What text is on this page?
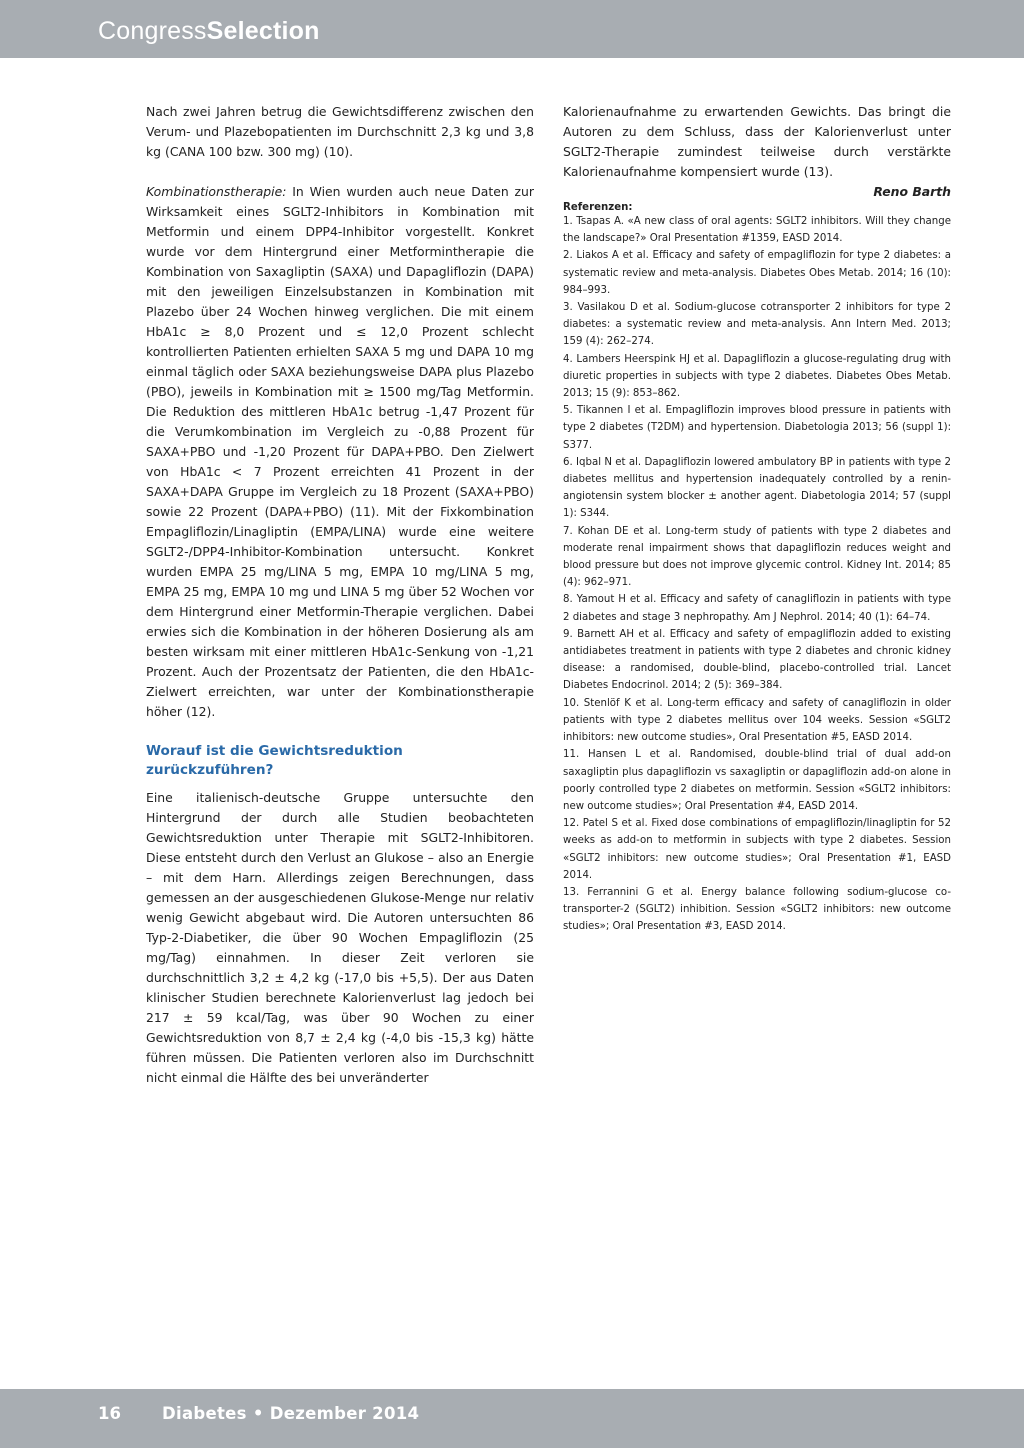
CongressSelection

Nach zwei Jahren betrug die Gewichtsdifferenz zwischen den Verum- und Plazebopatienten im Durchschnitt 2,3 kg und 3,8 kg (CANA 100 bzw. 300 mg) (10).

Kombinationstherapie: In Wien wurden auch neue Daten zur Wirksamkeit eines SGLT2-Inhibitors in Kombination mit Metformin und einem DPP4-Inhibitor vorgestellt. Konkret wurde vor dem Hintergrund einer Metformintherapie die Kombination von Saxagliptin (SAXA) und Dapagliflozin (DAPA) mit den jeweiligen Einzelsubstanzen in Kombination mit Plazebo über 24 Wochen hinweg verglichen. Die mit einem HbA1c ≥ 8,0 Prozent und ≤ 12,0 Prozent schlecht kontrollierten Patienten erhielten SAXA 5 mg und DAPA 10 mg einmal täglich oder SAXA beziehungsweise DAPA plus Plazebo (PBO), jeweils in Kombination mit ≥ 1500 mg/Tag Metformin. Die Reduktion des mittleren HbA1c betrug -1,47 Prozent für die Verumkombination im Vergleich zu -0,88 Prozent für SAXA+PBO und -1,20 Prozent für DAPA+PBO. Den Zielwert von HbA1c < 7 Prozent erreichten 41 Prozent in der SAXA+DAPA Gruppe im Vergleich zu 18 Prozent (SAXA+PBO) sowie 22 Prozent (DAPA+PBO) (11). Mit der Fixkombination Empagliflozin/Linagliptin (EMPA/LINA) wurde eine weitere SGLT2-/DPP4-Inhibitor-Kombination untersucht. Konkret wurden EMPA 25 mg/LINA 5 mg, EMPA 10 mg/LINA 5 mg, EMPA 25 mg, EMPA 10 mg und LINA 5 mg über 52 Wochen vor dem Hintergrund einer Metformin-Therapie verglichen. Dabei erwies sich die Kombination in der höheren Dosierung als am besten wirksam mit einer mittleren HbA1c-Senkung von -1,21 Prozent. Auch der Prozentsatz der Patienten, die den HbA1c-Zielwert erreichten, war unter der Kombinationstherapie höher (12).

Worauf ist die Gewichtsreduktion zurückzuführen?

Eine italienisch-deutsche Gruppe untersuchte den Hintergrund der durch alle Studien beobachteten Gewichtsreduktion unter Therapie mit SGLT2-Inhibitoren. Diese entsteht durch den Verlust an Glukose – also an Energie – mit dem Harn. Allerdings zeigen Berechnungen, dass gemessen an der ausgeschiedenen Glukose-Menge nur relativ wenig Gewicht abgebaut wird. Die Autoren untersuchten 86 Typ-2-Diabetiker, die über 90 Wochen Empagliflozin (25 mg/Tag) einnahmen. In dieser Zeit verloren sie durchschnittlich 3,2 ± 4,2 kg (-17,0 bis +5,5). Der aus Daten klinischer Studien berechnete Kalorienverlust lag jedoch bei 217 ± 59 kcal/Tag, was über 90 Wochen zu einer Gewichtsreduktion von 8,7 ± 2,4 kg (-4,0 bis -15,3 kg) hätte führen müssen. Die Patienten verloren also im Durchschnitt nicht einmal die Hälfte des bei unveränderter

Kalorienaufnahme zu erwartenden Gewichts. Das bringt die Autoren zu dem Schluss, dass der Kalorienverlust unter SGLT2-Therapie zumindest teilweise durch verstärkte Kalorienaufnahme kompensiert wurde (13).

Reno Barth

Referenzen:

1. Tsapas A. «A new class of oral agents: SGLT2 inhibitors. Will they change the landscape?» Oral Presentation #1359, EASD 2014.

2. Liakos A et al. Efficacy and safety of empagliflozin for type 2 diabetes: a systematic review and meta-analysis. Diabetes Obes Metab. 2014; 16 (10): 984–993.

3. Vasilakou D et al. Sodium-glucose cotransporter 2 inhibitors for type 2 diabetes: a systematic review and meta-analysis. Ann Intern Med. 2013; 159 (4): 262–274.

4. Lambers Heerspink HJ et al. Dapagliflozin a glucose-regulating drug with diuretic properties in subjects with type 2 diabetes. Diabetes Obes Metab. 2013; 15 (9): 853–862.

5. Tikannen I et al. Empagliflozin improves blood pressure in patients with type 2 diabetes (T2DM) and hypertension. Diabetologia 2013; 56 (suppl 1): S377.

6. Iqbal N et al. Dapagliflozin lowered ambulatory BP in patients with type 2 diabetes mellitus and hypertension inadequately controlled by a renin-angiotensin system blocker ± another agent. Diabetologia 2014; 57 (suppl 1): S344.

7. Kohan DE et al. Long-term study of patients with type 2 diabetes and moderate renal impairment shows that dapagliflozin reduces weight and blood pressure but does not improve glycemic control. Kidney Int. 2014; 85 (4): 962–971.

8. Yamout H et al. Efficacy and safety of canagliflozin in patients with type 2 diabetes and stage 3 nephropathy. Am J Nephrol. 2014; 40 (1): 64–74.

9. Barnett AH et al. Efficacy and safety of empagliflozin added to existing antidiabetes treatment in patients with type 2 diabetes and chronic kidney disease: a randomised, double-blind, placebo-controlled trial. Lancet Diabetes Endocrinol. 2014; 2 (5): 369–384.

10. Stenlöf K et al. Long-term efficacy and safety of canagliflozin in older patients with type 2 diabetes mellitus over 104 weeks. Session «SGLT2 inhibitors: new outcome studies», Oral Presentation #5, EASD 2014.

11. Hansen L et al. Randomised, double-blind trial of dual add-on saxagliptin plus dapagliflozin vs saxagliptin or dapagliflozin add-on alone in poorly controlled type 2 diabetes on metformin. Session «SGLT2 inhibitors: new outcome studies»; Oral Presentation #4, EASD 2014.

12. Patel S et al. Fixed dose combinations of empagliflozin/linagliptin for 52 weeks as add-on to metformin in subjects with type 2 diabetes. Session «SGLT2 inhibitors: new outcome studies»; Oral Presentation #1, EASD 2014.

13. Ferrannini G et al. Energy balance following sodium-glucose co-transporter-2 (SGLT2) inhibition. Session «SGLT2 inhibitors: new outcome studies»; Oral Presentation #3, EASD 2014.

16 Diabetes • Dezember 2014
